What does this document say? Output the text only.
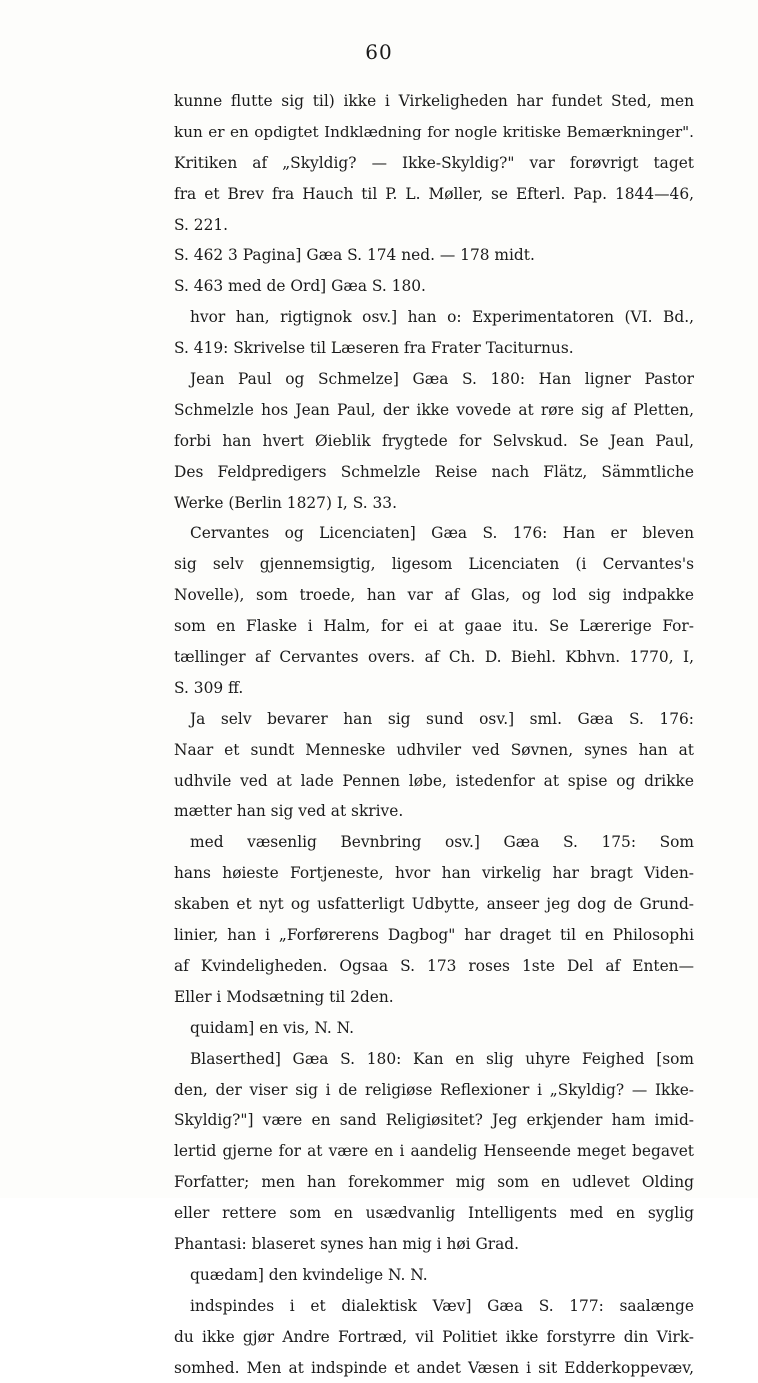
60
kunne flutte sig til) ikke i Virkeligheden har fundet Sted, men
kun er en opdigtet Indklædning for nogle kritiske Bemærkninger".
Kritiken af „Skyldig? — Ikke-Skyldig?" var forøvrigt taget
fra et Brev fra Hauch til P. L. Møller, se Efterl. Pap. 1844—46,
S. 221.
S. 462 3 Pagina] Gæa S. 174 ned. — 178 midt.
S. 463 med de Ord] Gæa S. 180.
hvor han, rigtignok osv.] han o: Experimentatoren (VI. Bd.,
S. 419: Skrivelse til Læseren fra Frater Taciturnus.
Jean Paul og Schmelze] Gæa S. 180: Han ligner Pastor
Schmelzle hos Jean Paul, der ikke vovede at røre sig af Pletten,
forbi han hvert Øieblik frygtede for Selvskud. Se Jean Paul,
Des Feldpredigers Schmelzle Reise nach Flätz, Sämmtliche
Werke (Berlin 1827) I, S. 33.
Cervantes og Licenciaten] Gæa S. 176: Han er bleven
sig selv gjennemsigtig, ligesom Licenciaten (i Cervantes's
Novelle), som troede, han var af Glas, og lod sig indpakke
som en Flaske i Halm, for ei at gaae itu. Se Lærerige For-
tællinger af Cervantes overs. af Ch. D. Biehl. Kbhvn. 1770, I,
S. 309 ff.
Ja selv bevarer han sig sund osv.] sml. Gæa S. 176:
Naar et sundt Menneske udhviler ved Søvnen, synes han at
udhvile ved at lade Pennen løbe, istedenfor at spise og drikke
mætter han sig ved at skrive.
med væsenlig Bevnbring osv.] Gæa S. 175: Som
hans høieste Fortjeneste, hvor han virkelig har bragt Viden-
skaben et nyt og usfatterligt Udbytte, anseer jeg dog de Grund-
linier, han i „Forførerens Dagbog" har draget til en Philosophi
af Kvindeligheden. Ogsaa S. 173 roses 1ste Del af Enten—
Eller i Modsætning til 2den.
quidam] en vis, N. N.
Blaserthed] Gæa S. 180: Kan en slig uhyre Feighed [som
den, der viser sig i de religiøse Reflexioner i „Skyldig? — Ikke-
Skyldig?"] være en sand Religiøsitet? Jeg erkjender ham imid-
lertid gjerne for at være en i aandelig Henseende meget begavet
Forfatter; men han forekommer mig som en udlevet Olding
eller rettere som en usædvanlig Intelligents med en syglig
Phantasi: blaseret synes han mig i høi Grad.
quædam] den kvindelige N. N.
indspindes i et dialektisk Væv] Gæa S. 177: saalænge
du ikke gjør Andre Fortræd, vil Politiet ikke forstyrre din Virk-
somhed. Men at indspinde et andet Væsen i sit Edderkoppevæv,
